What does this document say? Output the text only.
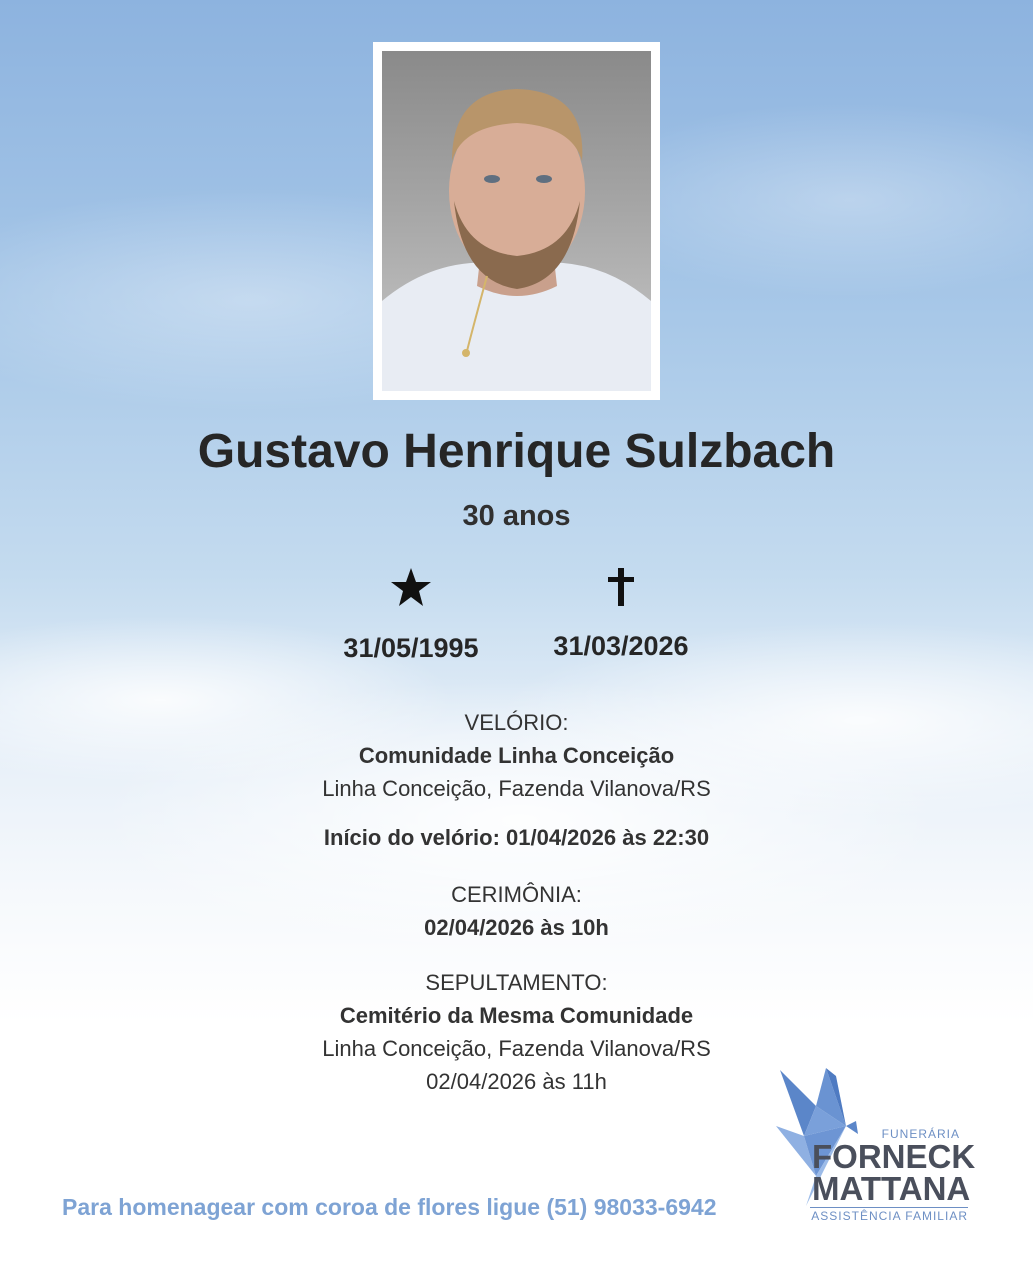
Gustavo Henrique Sulzbach
30 anos
31/05/1995	31/03/2026
VELÓRIO:
Comunidade Linha Conceição
Linha Conceição, Fazenda Vilanova/RS
Início do velório: 01/04/2026 às 22:30
CERIMÔNIA:
02/04/2026 às 10h
SEPULTAMENTO:
Cemitério da Mesma Comunidade
Linha Conceição, Fazenda Vilanova/RS
02/04/2026 às 11h
Para homenagear com coroa de flores ligue (51) 98033-6942
FUNERÁRIA
FORNECK
MATTANA
ASSISTÊNCIA FAMILIAR
